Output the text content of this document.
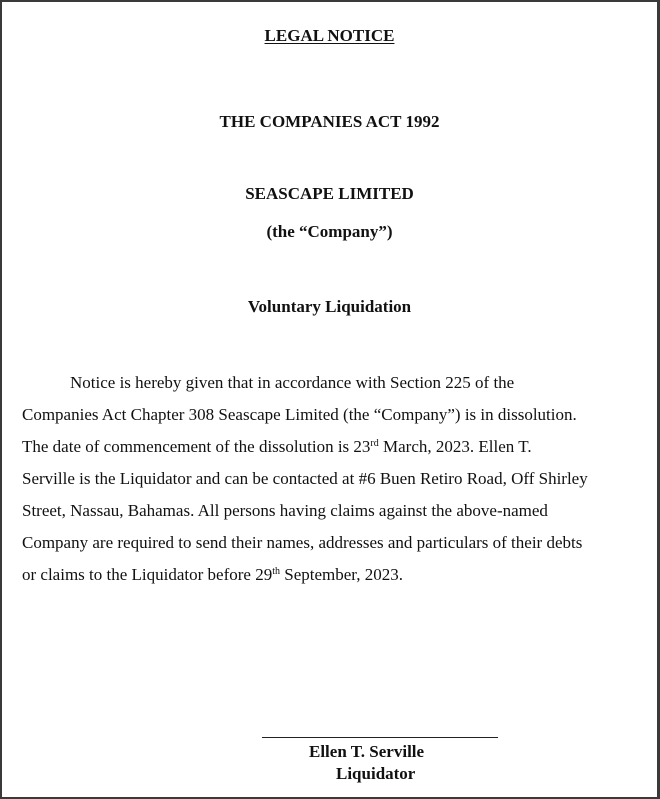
LEGAL NOTICE
THE COMPANIES ACT 1992
SEASCAPE LIMITED
(the “Company”)
Voluntary Liquidation
Notice is hereby given that in accordance with Section 225 of the
Companies Act Chapter 308 Seascape Limited (the “Company”) is in dissolution.
The date of commencement of the dissolution is 23rd March, 2023. Ellen T.
Serville is the Liquidator and can be contacted at #6 Buen Retiro Road, Off Shirley
Street, Nassau, Bahamas. All persons having claims against the above-named
Company are required to send their names, addresses and particulars of their debts
or claims to the Liquidator before 29th September, 2023.
Ellen T. Serville
Liquidator
